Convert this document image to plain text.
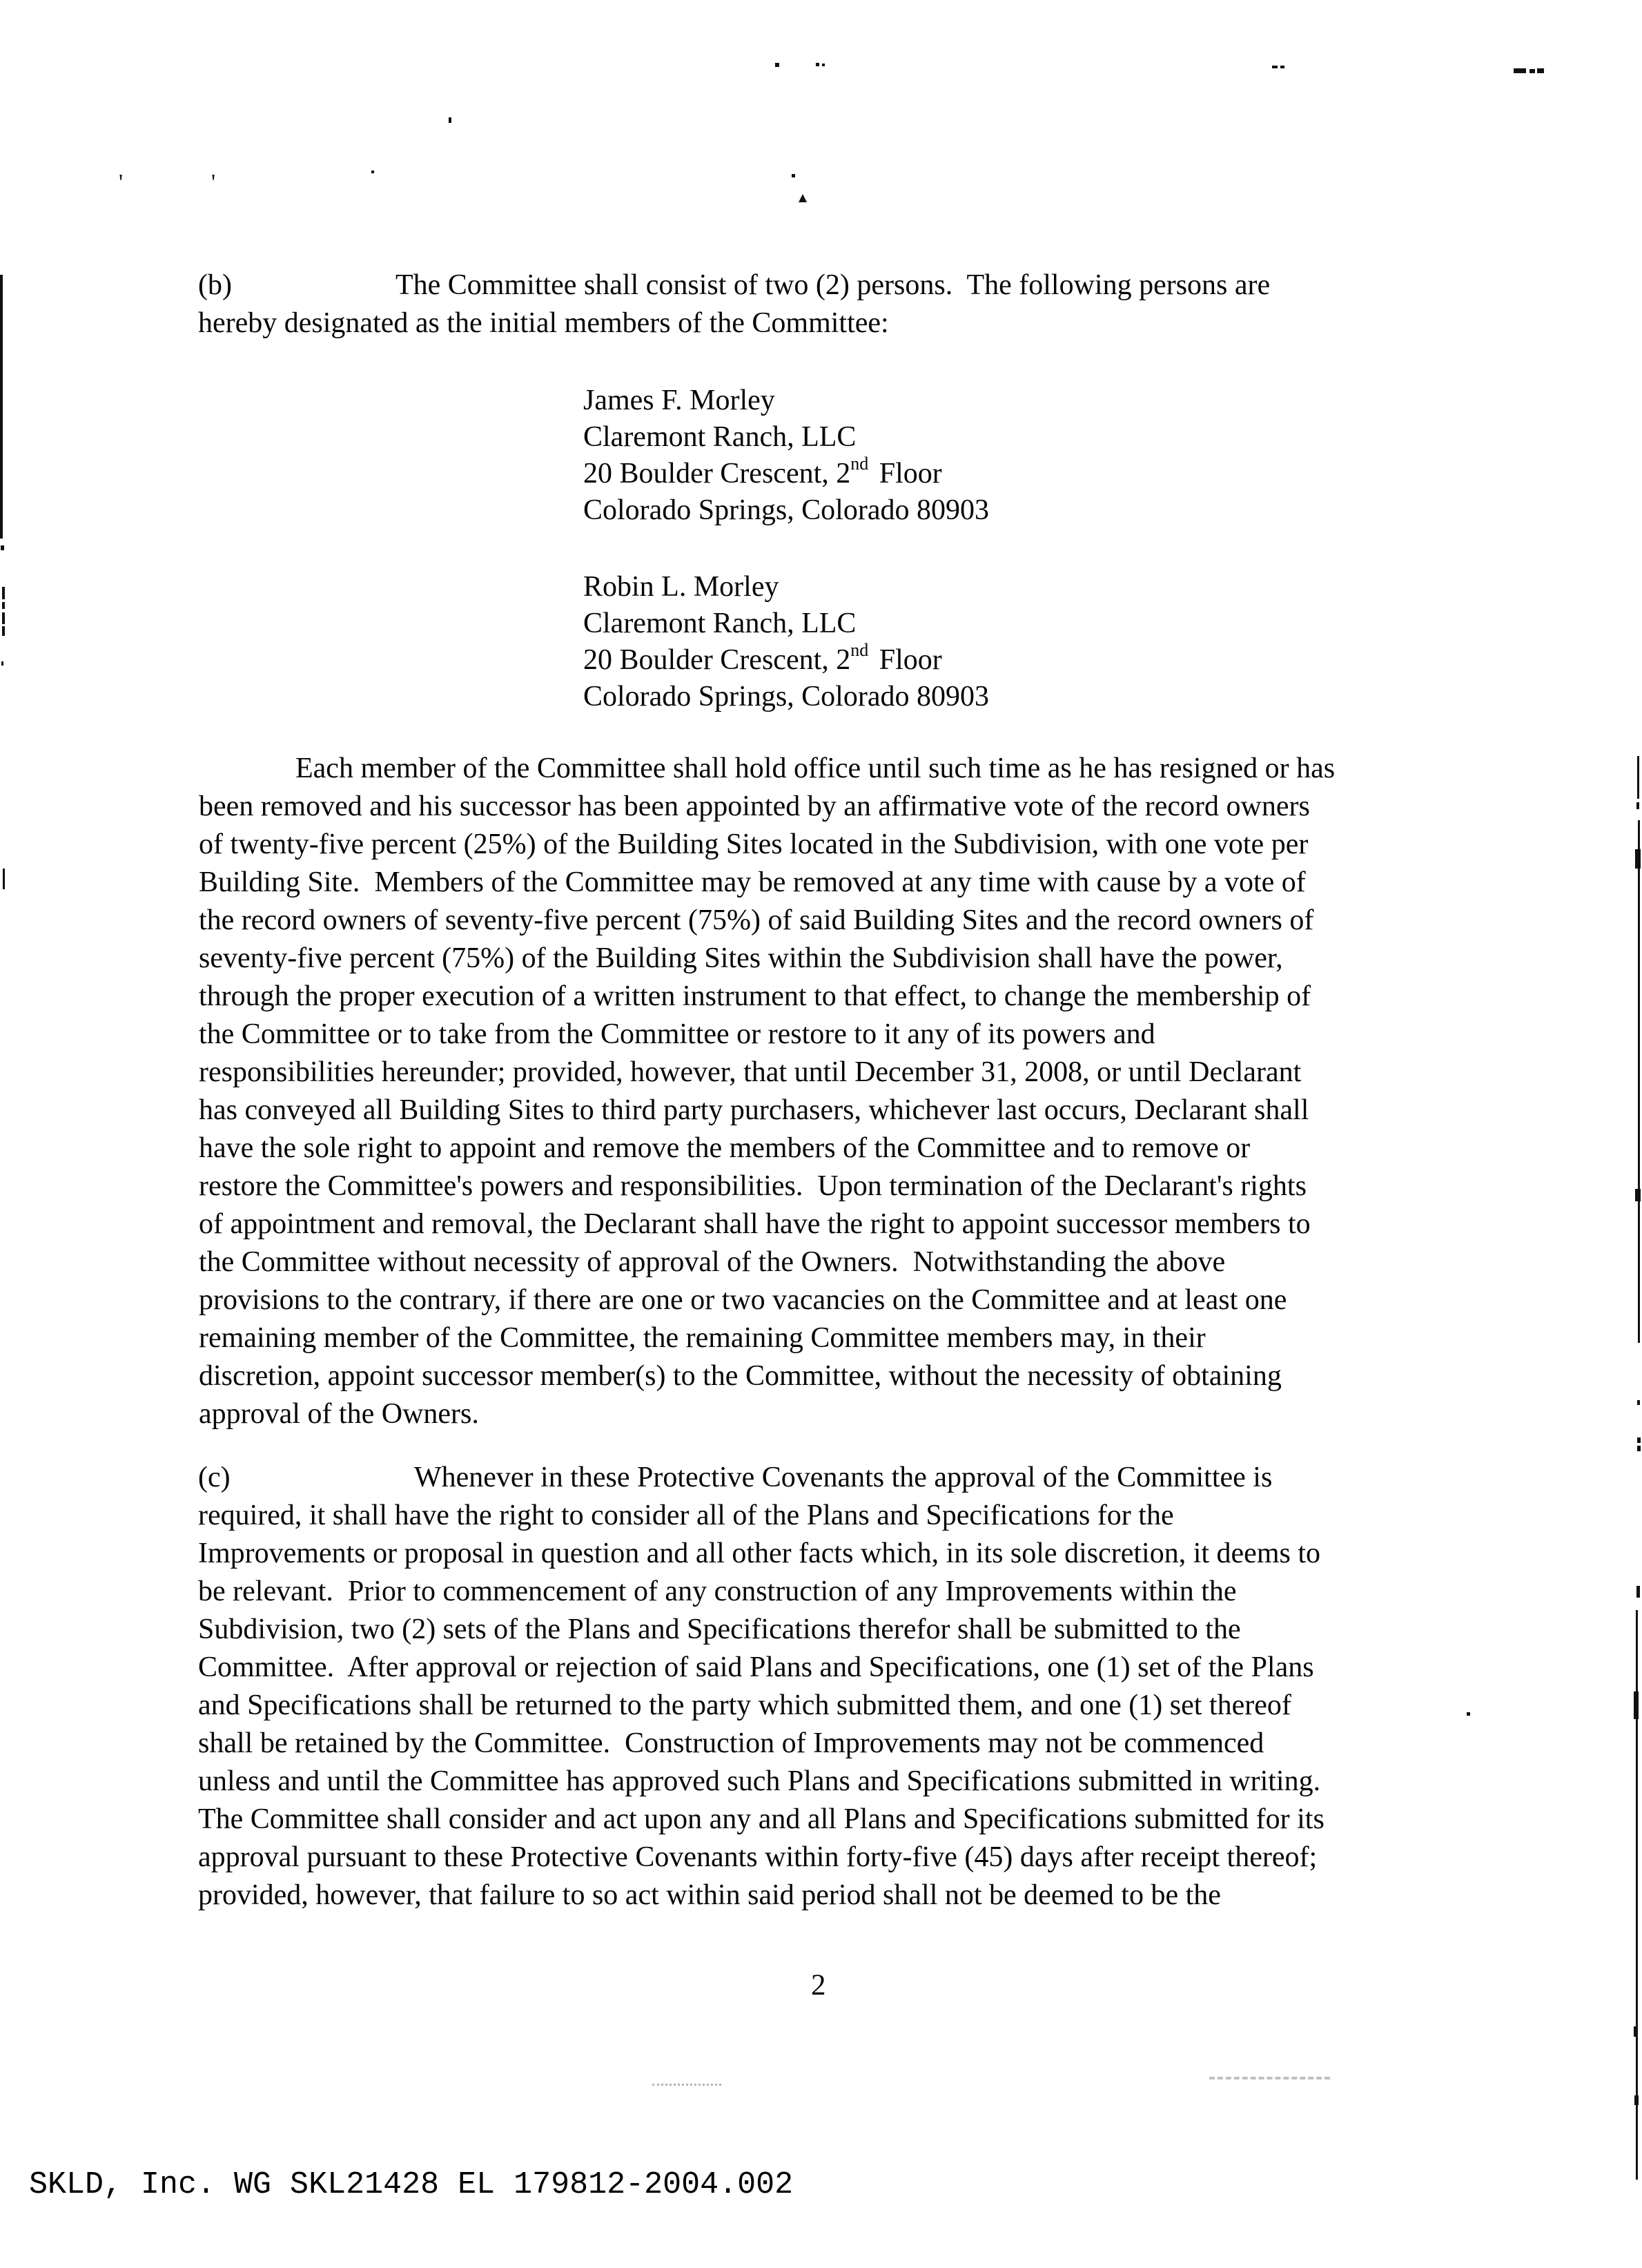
'	'
(b)	The Committee shall consist of two (2) persons.  The following persons are
hereby designated as the initial members of the Committee:
James F. Morley
Claremont Ranch, LLC
20 Boulder Crescent, 2nd Floor
Colorado Springs, Colorado 80903
Robin L. Morley
Claremont Ranch, LLC
20 Boulder Crescent, 2nd Floor
Colorado Springs, Colorado 80903
Each member of the Committee shall hold office until such time as he has resigned or has
been removed and his successor has been appointed by an affirmative vote of the record owners
of twenty-five percent (25%) of the Building Sites located in the Subdivision, with one vote per
Building Site.  Members of the Committee may be removed at any time with cause by a vote of
the record owners of seventy-five percent (75%) of said Building Sites and the record owners of
seventy-five percent (75%) of the Building Sites within the Subdivision shall have the power,
through the proper execution of a written instrument to that effect, to change the membership of
the Committee or to take from the Committee or restore to it any of its powers and
responsibilities hereunder; provided, however, that until December 31, 2008, or until Declarant
has conveyed all Building Sites to third party purchasers, whichever last occurs, Declarant shall
have the sole right to appoint and remove the members of the Committee and to remove or
restore the Committee's powers and responsibilities.  Upon termination of the Declarant's rights
of appointment and removal, the Declarant shall have the right to appoint successor members to
the Committee without necessity of approval of the Owners.  Notwithstanding the above
provisions to the contrary, if there are one or two vacancies on the Committee and at least one
remaining member of the Committee, the remaining Committee members may, in their
discretion, appoint successor member(s) to the Committee, without the necessity of obtaining
approval of the Owners.
(c)	Whenever in these Protective Covenants the approval of the Committee is
required, it shall have the right to consider all of the Plans and Specifications for the
Improvements or proposal in question and all other facts which, in its sole discretion, it deems to
be relevant.  Prior to commencement of any construction of any Improvements within the
Subdivision, two (2) sets of the Plans and Specifications therefor shall be submitted to the
Committee.  After approval or rejection of said Plans and Specifications, one (1) set of the Plans
and Specifications shall be returned to the party which submitted them, and one (1) set thereof
shall be retained by the Committee.  Construction of Improvements may not be commenced
unless and until the Committee has approved such Plans and Specifications submitted in writing.
The Committee shall consider and act upon any and all Plans and Specifications submitted for its
approval pursuant to these Protective Covenants within forty-five (45) days after receipt thereof;
provided, however, that failure to so act within said period shall not be deemed to be the
2
SKLD, Inc. WG SKL21428 EL 179812-2004.002
